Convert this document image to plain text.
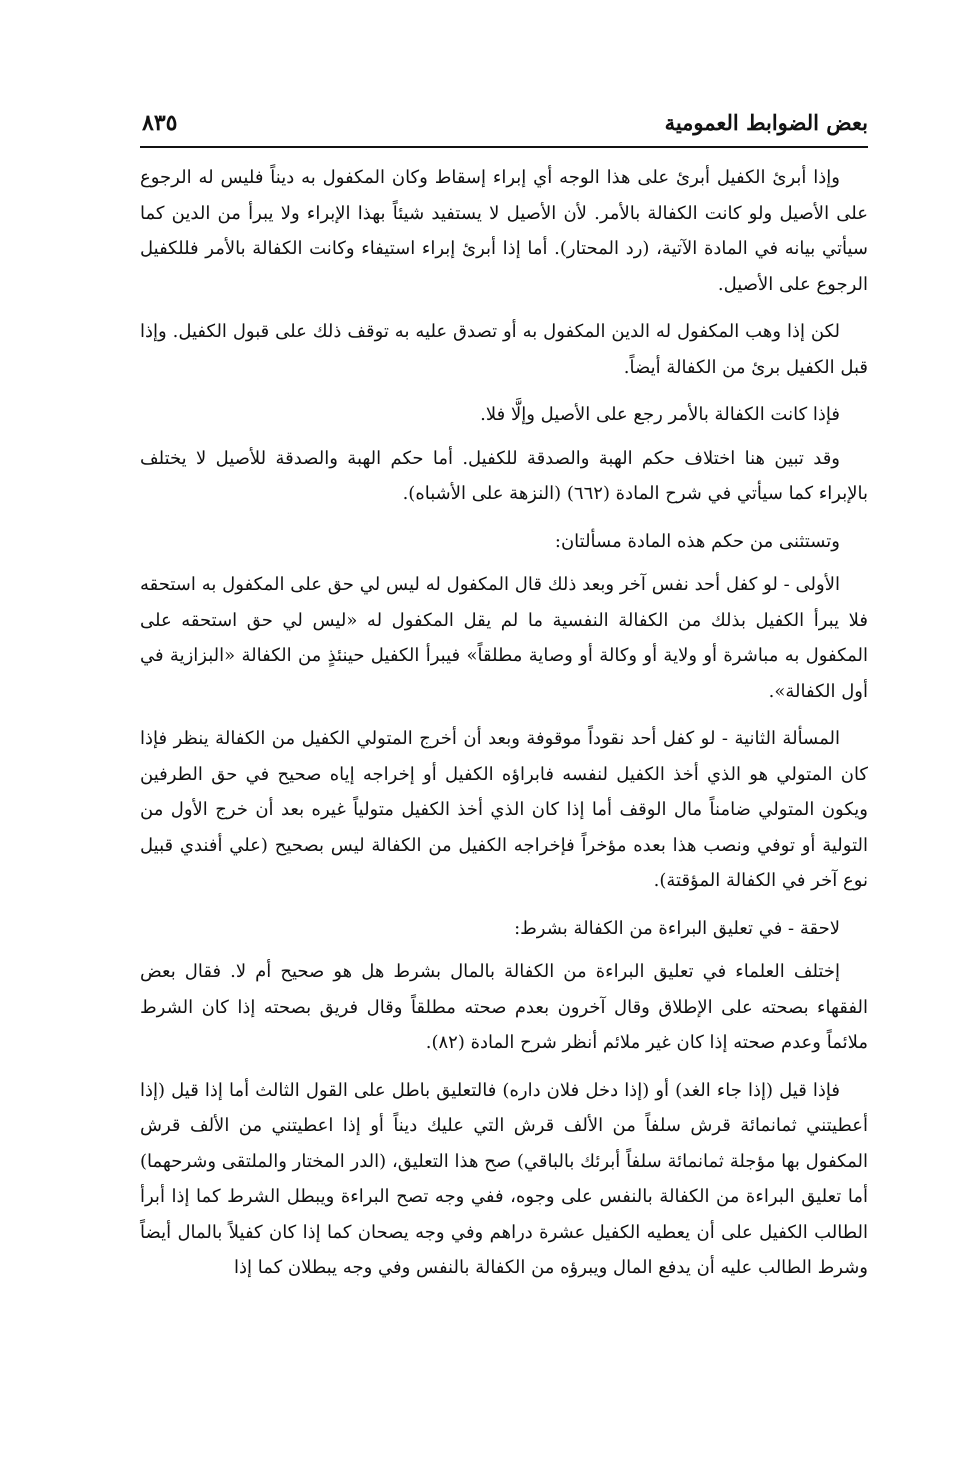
بعض الضوابط العمومية
٨٣٥

وإذا أبرئ الكفيل أبرئ على هذا الوجه أي إبراء إسقاط وكان المكفول به ديناً فليس له الرجوع على الأصيل ولو كانت الكفالة بالأمر. لأن الأصيل لا يستفيد شيئاً بهذا الإبراء ولا يبرأ من الدين كما سيأتي بيانه في المادة الآتية، (رد المحتار). أما إذا أبرئ إبراء استيفاء وكانت الكفالة بالأمر فللكفيل الرجوع على الأصيل.

لكن إذا وهب المكفول له الدين المكفول به أو تصدق عليه به توقف ذلك على قبول الكفيل. وإذا قبل الكفيل برئ من الكفالة أيضاً.

فإذا كانت الكفالة بالأمر رجع على الأصيل وإلَّا فلا.

وقد تبين هنا اختلاف حكم الهبة والصدقة للكفيل. أما حكم الهبة والصدقة للأصيل لا يختلف بالإبراء كما سيأتي في شرح المادة (٦٦٢) (النزهة على الأشباه).

وتستثنى من حكم هذه المادة مسألتان:

الأولى - لو كفل أحد نفس آخر وبعد ذلك قال المكفول له ليس لي حق على المكفول به استحقه فلا يبرأ الكفيل بذلك من الكفالة النفسية ما لم يقل المكفول له «ليس لي حق استحقه على المكفول به مباشرة أو ولاية أو وكالة أو وصاية مطلقاً» فيبرأ الكفيل حينئذٍ من الكفالة «البزازية في أول الكفالة».

المسألة الثانية - لو كفل أحد نقوداً موقوفة وبعد أن أخرج المتولي الكفيل من الكفالة ينظر فإذا كان المتولي هو الذي أخذ الكفيل لنفسه فابراؤه الكفيل أو إخراجه إياه صحيح في حق الطرفين ويكون المتولي ضامناً مال الوقف أما إذا كان الذي أخذ الكفيل متولياً غيره بعد أن خرج الأول من التولية أو توفي ونصب هذا بعده مؤخراً فإخراجه الكفيل من الكفالة ليس بصحيح (علي أفندي قبيل نوع آخر في الكفالة المؤقتة).

لاحقة - في تعليق البراءة من الكفالة بشرط:

إختلف العلماء في تعليق البراءة من الكفالة بالمال بشرط هل هو صحيح أم لا. فقال بعض الفقهاء بصحته على الإطلاق وقال آخرون بعدم صحته مطلقاً وقال فريق بصحته إذا كان الشرط ملائماً وعدم صحته إذا كان غير ملائم أنظر شرح المادة (٨٢).

فإذا قيل (إذا جاء الغد) أو (إذا دخل فلان داره) فالتعليق باطل على القول الثالث أما إذا قيل (إذا أعطيتني ثمانمائة قرش سلفاً من الألف قرش التي عليك ديناً أو إذا اعطيتني من الألف قرش المكفول بها مؤجلة ثمانمائة سلفاً أبرئك بالباقي) صح هذا التعليق، (الدر المختار والملتقى وشرحهما) أما تعليق البراءة من الكفالة بالنفس على وجوه، ففي وجه تصح البراءة ويبطل الشرط كما إذا أبرأ الطالب الكفيل على أن يعطيه الكفيل عشرة دراهم وفي وجه يصحان كما إذا كان كفيلاً بالمال أيضاً وشرط الطالب عليه أن يدفع المال ويبرؤه من الكفالة بالنفس وفي وجه يبطلان كما إذا
